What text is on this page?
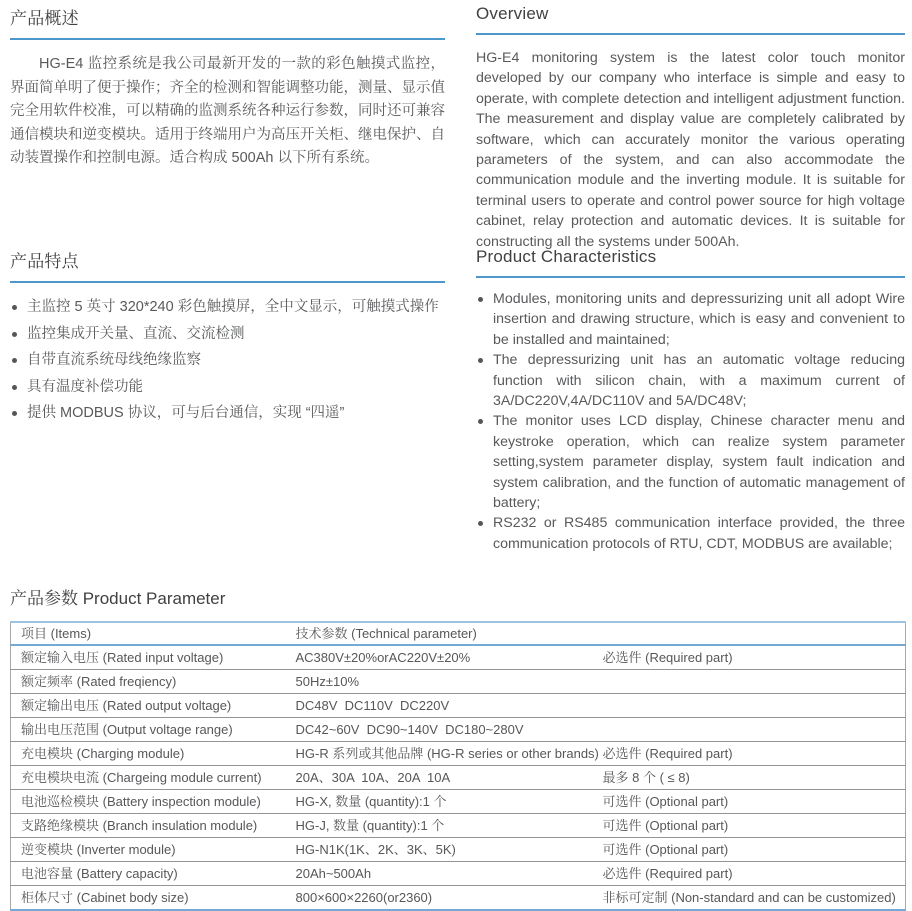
产品概述

HG-E4 监控系统是我公司最新开发的一款的彩色触摸式监控，界面简单明了便于操作；齐全的检测和智能调整功能，测量、显示值完全用软件校准，可以精确的监测系统各种运行参数，同时还可兼容通信模块和逆变模块。适用于终端用户为高压开关柜、继电保护、自动装置操作和控制电源。适合构成 500Ah 以下所有系统。

Overview

HG-E4 monitoring system is the latest color touch monitor developed by our company who interface is simple and easy to operate, with complete detection and intelligent adjustment function. The measurement and display value are completely calibrated by software, which can accurately monitor the various operating parameters of the system, and can also accommodate the communication module and the inverting module. It is suitable for terminal users to operate and control power source for high voltage cabinet, relay protection and automatic devices. It is suitable for constructing all the systems under 500Ah.

产品特点
主监控 5 英寸 320*240 彩色触摸屏，全中文显示，可触摸式操作
监控集成开关量、直流、交流检测
自带直流系统母线绝缘监察
具有温度补偿功能
提供 MODBUS 协议，可与后台通信，实现 “四遥”
Product Characteristics
Modules, monitoring units and depressurizing unit all adopt Wire insertion and drawing structure, which is easy and convenient to be installed and maintained;
The depressurizing unit has an automatic voltage reducing function with silicon chain, with a maximum current of 3A/DC220V,4A/DC110V and 5A/DC48V;
The monitor uses LCD display, Chinese character menu and keystroke operation, which can realize system parameter setting,system parameter display, system fault indication and system calibration, and the function of automatic management of battery;
RS232 or RS485 communication interface provided, the three communication protocols of RTU, CDT, MODBUS are available;
产品参数 Product Parameter
项目 (Items)	技术参数 (Technical parameter)	
额定输入电压 (Rated input voltage)	AC380V±20%orAC220V±20%	必选件 (Required part)
额定频率 (Rated freqiency)	50Hz±10%	
额定输出电压 (Rated output voltage)	DC48V  DC110V  DC220V	
输出电压范围 (Output voltage range)	DC42~60V  DC90~140V  DC180~280V	
充电模块 (Charging module)	HG-R 系列或其他品牌 (HG-R series or other brands)	必选件 (Required part)
充电模块电流 (Chargeing module current)	20A、30A  10A、20A  10A	最多 8 个 ( ≤ 8)
电池巡检模块 (Battery inspection module)	HG-X, 数量 (quantity):1 个	可选件 (Optional part)
支路绝缘模块 (Branch insulation module)	HG-J, 数量 (quantity):1 个	可选件 (Optional part)
逆变模块 (Inverter module)	HG-N1K(1K、2K、3K、5K)	可选件 (Optional part)
电池容量 (Battery capacity)	20Ah~500Ah	必选件 (Required part)
柜体尺寸 (Cabinet body size)	800×600×2260(or2360)	非标可定制 (Non-standard and can be customized)
